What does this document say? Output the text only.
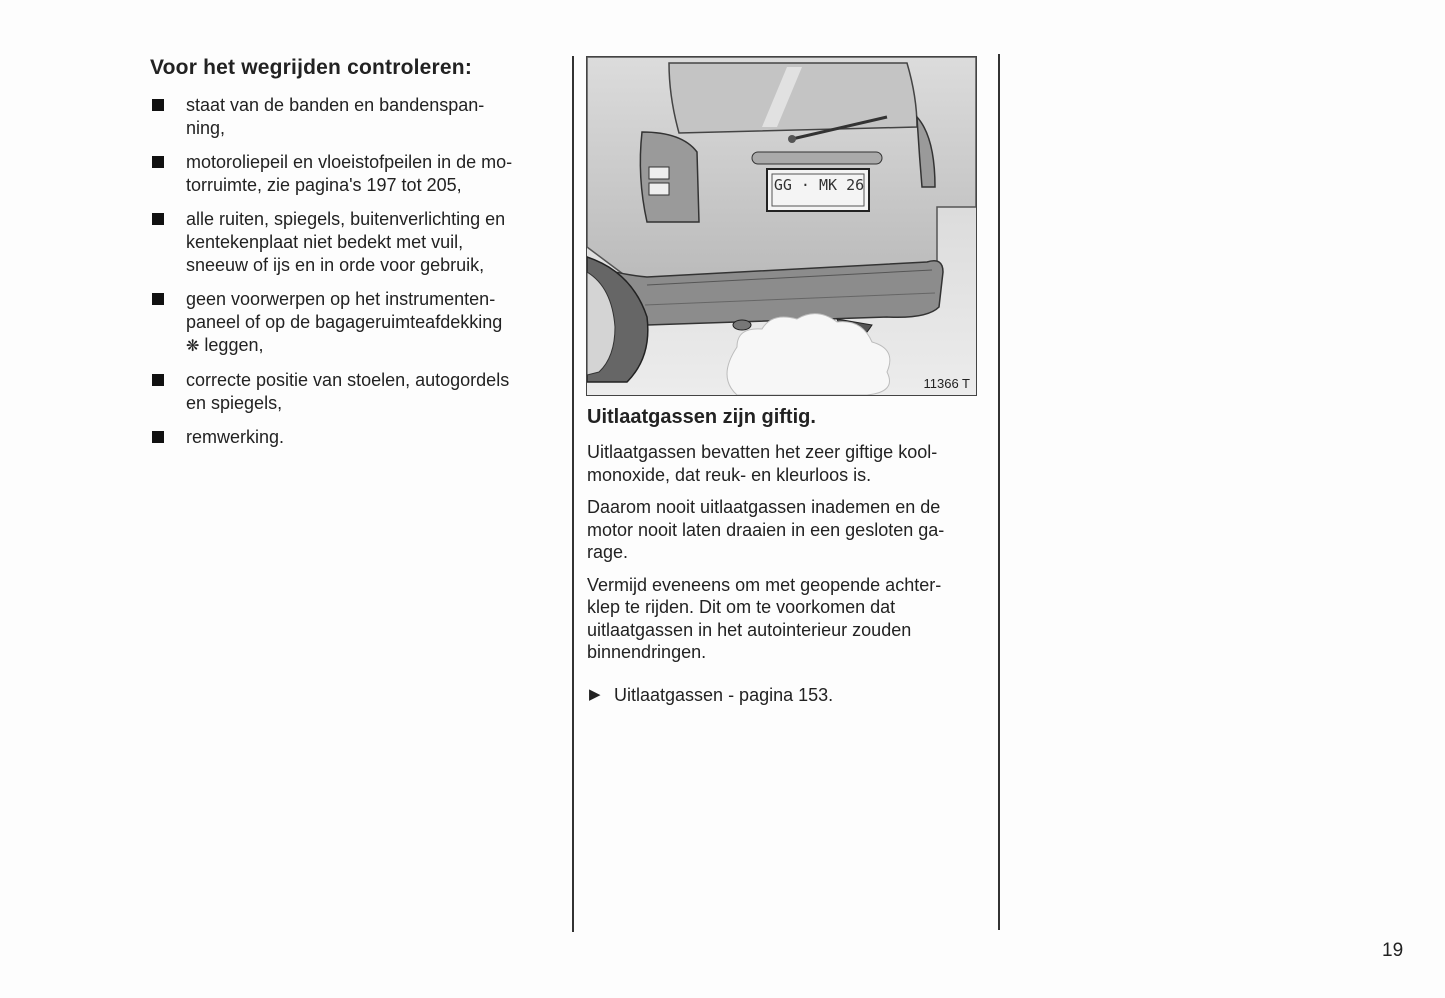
Voor het wegrijden controleren:
staat van de banden en bandenspan-
ning,
motoroliepeil en vloeistofpeilen in de mo-
torruimte, zie pagina's 197 tot 205,
alle ruiten, spiegels, buitenverlichting en
kentekenplaat niet bedekt met vuil,
sneeuw of ijs en in orde voor gebruik,
geen voorwerpen op het instrumenten-
paneel of op de bagageruimteafdekking
❋ leggen,
correcte positie van stoelen, autogordels
en spiegels,
remwerking.
GG · MK 26
11366 T
Uitlaatgassen zijn giftig.

Uitlaatgassen bevatten het zeer giftige kool-
monoxide, dat reuk- en kleurloos is.

Daarom nooit uitlaatgassen inademen en de
motor nooit laten draaien in een gesloten ga-
rage.

Vermijd eveneens om met geopende achter-
klep te rijden. Dit om te voorkomen dat
uitlaatgassen in het autointerieur zouden
binnendringen.

▶ Uitlaatgassen - pagina 153.
19
